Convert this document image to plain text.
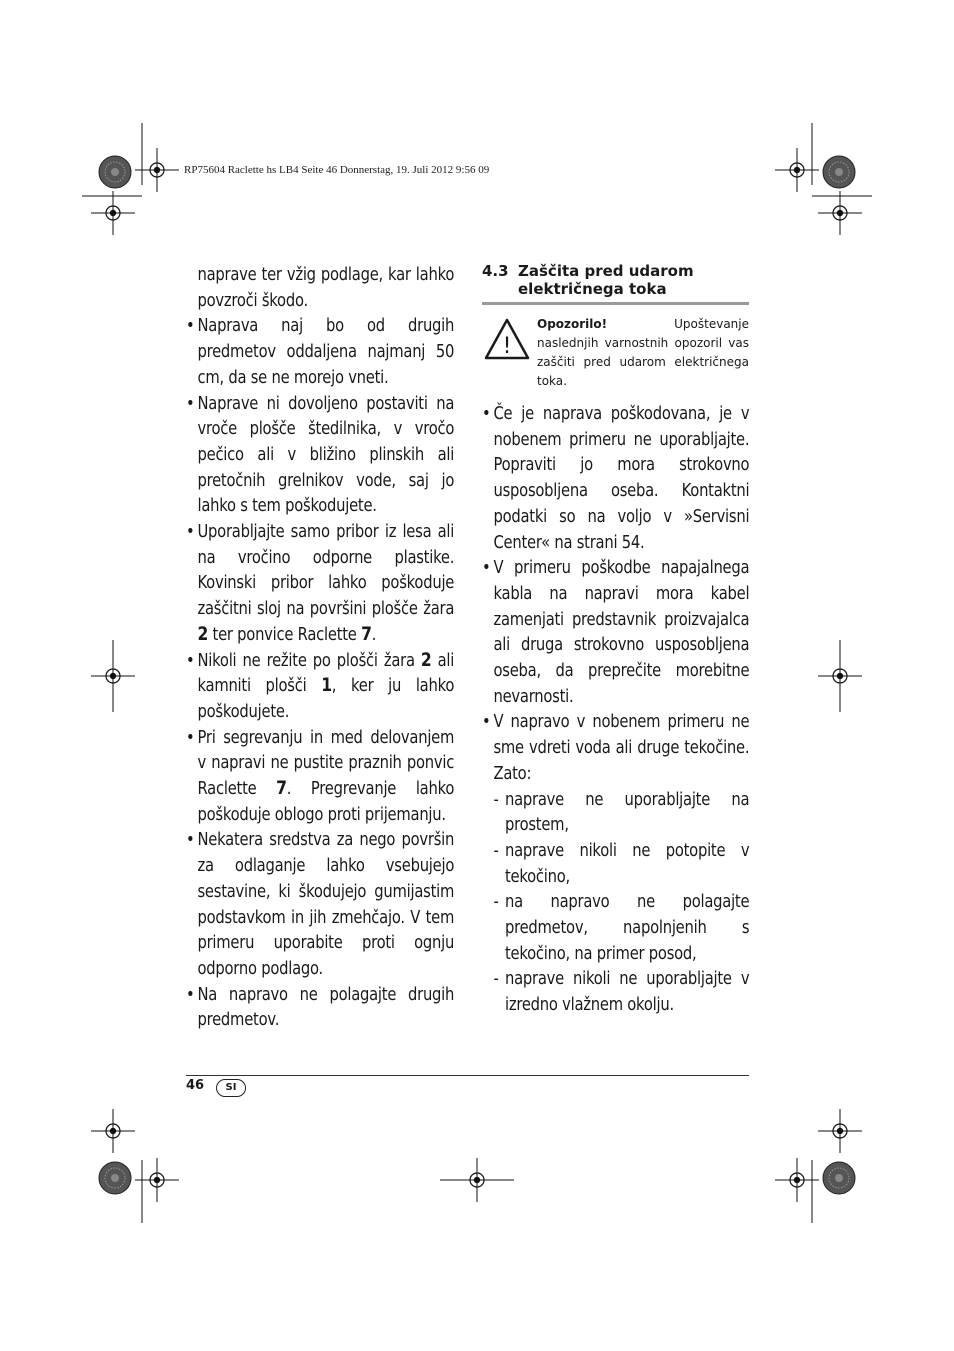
RP75604 Raclette hs LB4 Seite 46 Donnerstag, 19. Juli 2012 9:56 09
naprave ter vžig podlage, kar lahko povzroči škodo.
• Naprava naj bo od drugih predmetov oddaljena najmanj 50 cm, da se ne morejo vneti.
• Naprave ni dovoljeno postaviti na vroče plošče štedilnika, v vročo pečico ali v bližino plinskih ali pretočnih grelnikov vode, saj jo lahko s tem poškodujete.
• Uporabljajte samo pribor iz lesa ali na vročino odporne plastike. Kovinski pribor lahko poškoduje zaščitni sloj na površini plošče žara 2 ter ponvice Raclette 7.
• Nikoli ne režite po plošči žara 2 ali kamniti plošči 1, ker ju lahko poškodujete.
• Pri segrevanju in med delovanjem v napravi ne pustite praznih ponvic Raclette 7. Pregrevanje lahko poškoduje oblogo proti prijemanju.
• Nekatera sredstva za nego površin za odlaganje lahko vsebujejo sestavine, ki škodujejo gumijastim podstavkom in jih zmehčajo. V tem primeru uporabite proti ognju odporno podlago.
• Na napravo ne polagajte drugih predmetov.
4.3 Zaščita pred udarom električnega toka
!
Opozorilo!	Upoštevanje naslednjih varnostnih opozoril vas zaščiti pred udarom električnega toka.
• Če je naprava poškodovana, je v nobenem primeru ne uporabljajte. Popraviti jo mora strokovno usposobljena oseba. Kontaktni podatki so na voljo v »Servisni Center« na strani 54.
• V primeru poškodbe napajalnega kabla na napravi mora kabel zamenjati predstavnik proizvajalca ali druga strokovno usposobljena oseba, da preprečite morebitne nevarnosti.
• V napravo v nobenem primeru ne sme vdreti voda ali druge tekočine. Zato:
- naprave ne uporabljajte na prostem,
- naprave nikoli ne potopite v tekočino,
- na napravo ne polagajte predmetov, napolnjenih s tekočino, na primer posod,
- naprave nikoli ne uporabljajte v izredno vlažnem okolju.
46	SI
